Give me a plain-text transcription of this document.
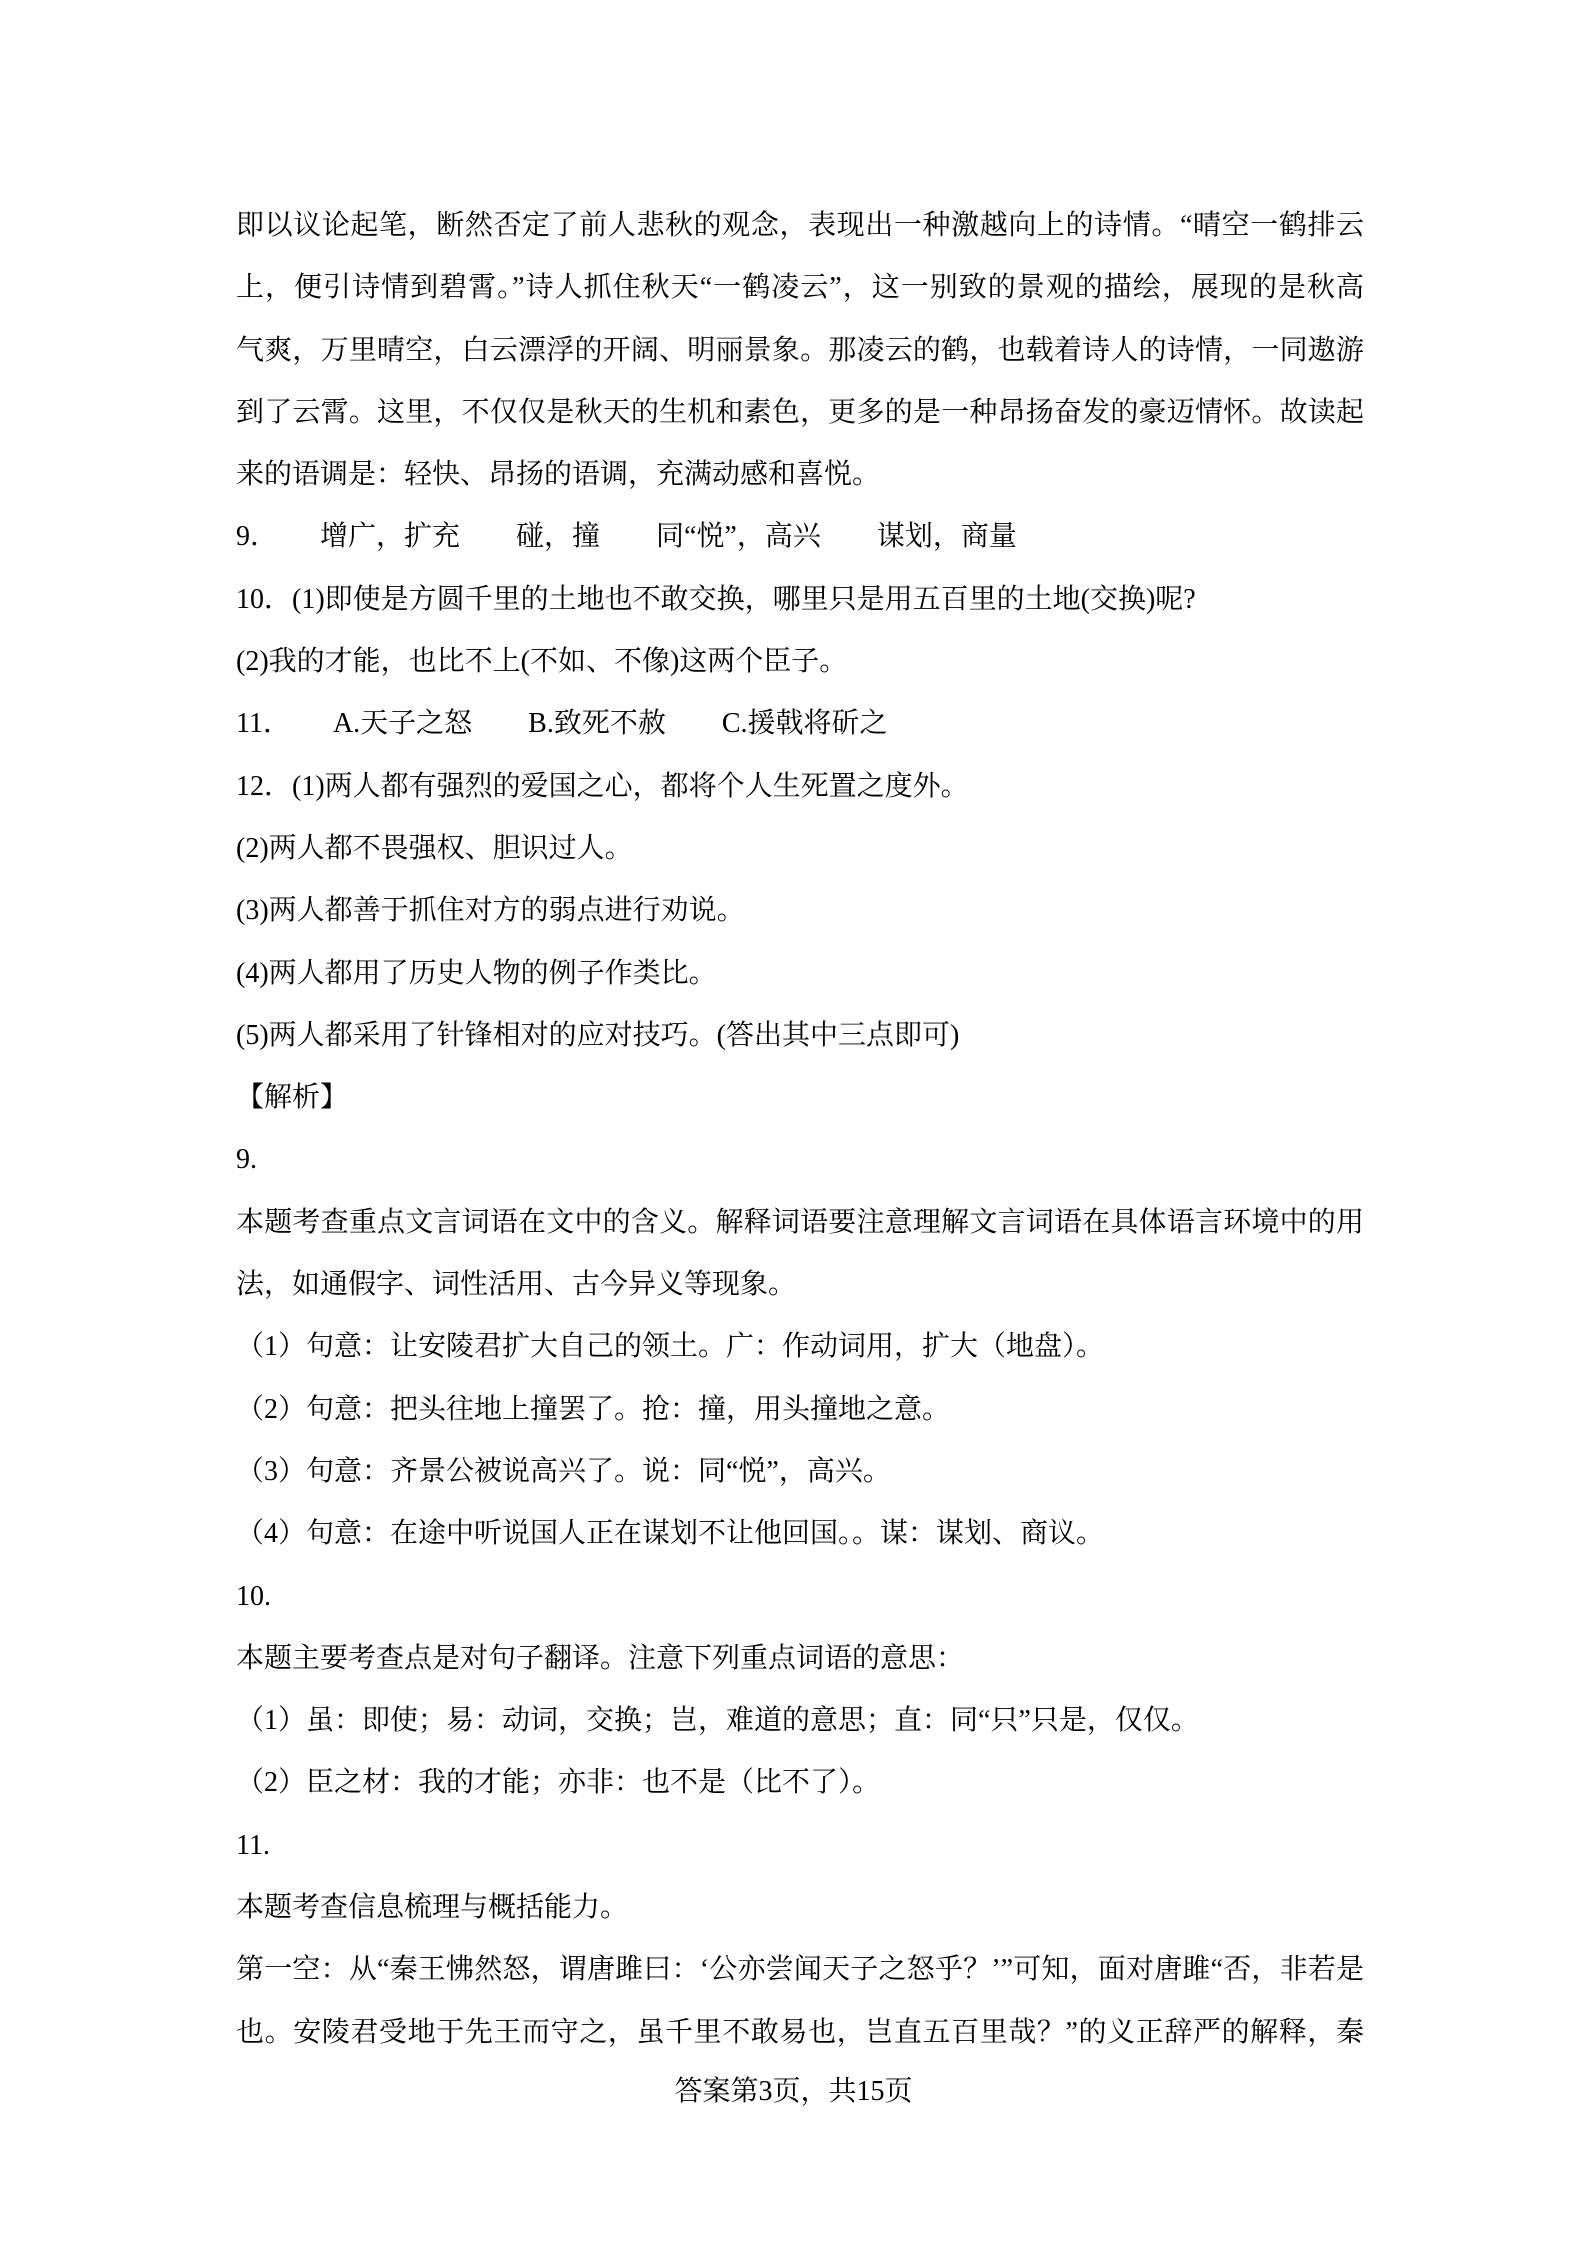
即以议论起笔，断然否定了前人悲秋的观念，表现出一种激越向上的诗情。“晴空一鹤排云
上，便引诗情到碧霄。”诗人抓住秋天“一鹤凌云”，这一别致的景观的描绘，展现的是秋高
气爽，万里晴空，白云漂浮的开阔、明丽景象。那凌云的鹤，也载着诗人的诗情，一同遨游
到了云霄。这里，不仅仅是秋天的生机和素色，更多的是一种昂扬奋发的豪迈情怀。故读起
来的语调是：轻快、昂扬的语调，充满动感和喜悦。
9．　　增广，扩充　　碰，撞　　同“悦”，高兴　　谋划，商量
10．(1)即使是方圆千里的土地也不敢交换，哪里只是用五百里的土地(交换)呢?
(2)我的才能，也比不上(不如、不像)这两个臣子。
11．　　A.天子之怒　　B.致死不赦　　C.援戟将斫之
12．(1)两人都有强烈的爱国之心，都将个人生死置之度外。
(2)两人都不畏强权、胆识过人。
(3)两人都善于抓住对方的弱点进行劝说。
(4)两人都用了历史人物的例子作类比。
(5)两人都采用了针锋相对的应对技巧。(答出其中三点即可)
【解析】
9.
本题考查重点文言词语在文中的含义。解释词语要注意理解文言词语在具体语言环境中的用
法，如通假字、词性活用、古今异义等现象。
（1）句意：让安陵君扩大自己的领土。广：作动词用，扩大（地盘）。
（2）句意：把头往地上撞罢了。抢：撞，用头撞地之意。
（3）句意：齐景公被说高兴了。说：同“悦”，高兴。
（4）句意：在途中听说国人正在谋划不让他回国。。谋：谋划、商议。
10.
本题主要考查点是对句子翻译。注意下列重点词语的意思：
（1）虽：即使；易：动词，交换；岂，难道的意思；直：同“只”只是，仅仅。
（2）臣之材：我的才能；亦非：也不是（比不了）。
11.
本题考查信息梳理与概括能力。
第一空：从“秦王怫然怒，谓唐雎曰：‘公亦尝闻天子之怒乎？’”可知，面对唐雎“否，非若是
也。安陵君受地于先王而守之，虽千里不敢易也，岂直五百里哉？”的义正辞严的解释，秦
答案第3页，共15页
